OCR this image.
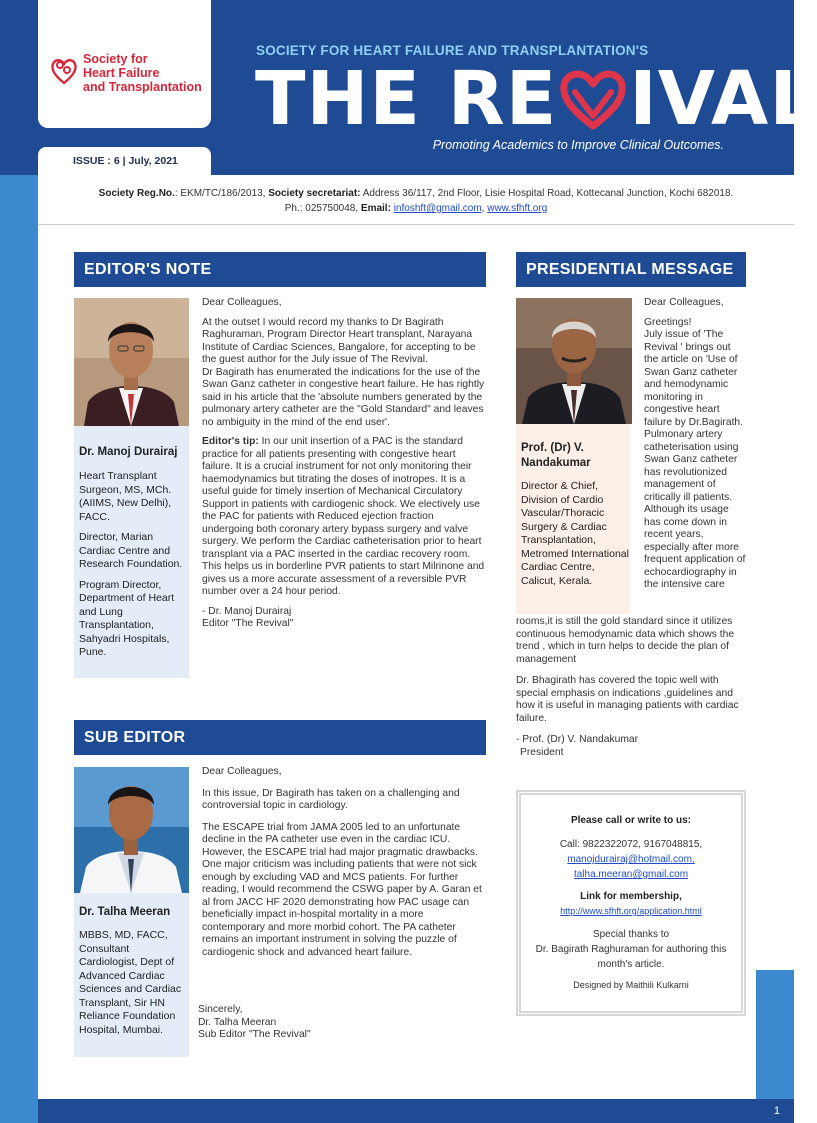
Society for
Heart Failure
and Transplantation
ISSUE : 6 | July, 2021
SOCIETY FOR HEART FAILURE AND TRANSPLANTATION'S
THE RE IVAL
Promoting Academics to Improve Clinical Outcomes.
Society Reg.No.: EKM/TC/186/2013, Society secretariat: Address 36/117, 2nd Floor, Lisie Hospital Road, Kottecanal Junction, Kochi 682018.
Ph.: 025750048, Email: infoshft@gmail.com, www.sfhft.org
EDITOR'S NOTE
Dr. Manoj Durairaj

Heart Transplant Surgeon, MS, MCh. (AIIMS, New Delhi), FACC.

Director, Marian Cardiac Centre and Research Foundation.

Program Director, Department of Heart and Lung Transplantation, Sahyadri Hospitals, Pune.

Dear Colleagues,

At the outset I would record my thanks to Dr Bagirath Raghuraman, Program Director Heart transplant, Narayana Institute of Cardiac Sciences, Bangalore, for accepting to be the guest author for the July issue of The Revival.

Dr Bagirath has enumerated the indications for the use of the Swan Ganz catheter in congestive heart failure. He has rightly said in his article that the 'absolute numbers generated by the pulmonary artery catheter are the "Gold Standard" and leaves no ambiguity in the mind of the end user'.

Editor's tip: In our unit insertion of a PAC is the standard practice for all patients presenting with congestive heart failure. It is a crucial instrument for not only monitoring their haemodynamics but titrating the doses of inotropes. It is a useful guide for timely insertion of Mechanical Circulatory Support in patients with cardiogenic shock. We electively use the PAC for patients with Reduced ejection fraction undergoing both coronary artery bypass surgery and valve surgery. We perform the Cardiac catheterisation prior to heart transplant via a PAC inserted in the cardiac recovery room. This helps us in borderline PVR patients to start Milrinone and gives us a more accurate assessment of a reversible PVR number over a 24 hour period.

- Dr. Manoj Durairaj

Editor "The Revival"

PRESIDENTIAL MESSAGE
Prof. (Dr) V. Nandakumar
Director & Chief, Division of Cardio Vascular/Thoracic Surgery & Cardiac Transplantation, Metromed International Cardiac Centre, Calicut, Kerala.

Dear Colleagues,

Greetings!

July issue of 'The Revival ' brings out the article on 'Use of Swan Ganz catheter and hemodynamic monitoring in congestive heart failure by Dr.Bagirath. Pulmonary artery catheterisation using Swan Ganz catheter has revolutionized management of critically ill patients. Although its usage has come down in recent years, especially after more frequent application of echocardiography in the intensive care

rooms,it is still the gold standard since it utilizes continuous hemodynamic data which shows the trend , which in turn helps to decide the plan of management

Dr. Bhagirath has covered the topic well with special emphasis on indications ,guidelines and how it is useful in managing patients with cardiac failure.

- Prof. (Dr) V. Nandakumar

President

SUB EDITOR
Dr. Talha Meeran
MBBS, MD, FACC, Consultant Cardiologist, Dept of Advanced Cardiac Sciences and Cardiac Transplant, Sir HN Reliance Foundation Hospital, Mumbai.

Dear Colleagues,

In this issue, Dr Bagirath has taken on a challenging and controversial topic in cardiology.

The ESCAPE trial from JAMA 2005 led to an unfortunate decline in the PA catheter use even in the cardiac ICU. However, the ESCAPE trial had major pragmatic drawbacks. One major criticism was including patients that were not sick enough by excluding VAD and MCS patients. For further reading, I would recommend the CSWG paper by A. Garan et al from JACC HF 2020 demonstrating how PAC usage can beneficially impact in-hospital mortality in a more contemporary and more morbid cohort. The PA catheter remains an important instrument in solving the puzzle of cardiogenic shock and advanced heart failure.

Sincerely,

Dr. Talha Meeran

Sub Editor "The Revival"

Please call or write to us:
Call: 9822322072, 9167048815,
manojdurairaj@hotmail.com,
talha.meeran@gmail.com
Link for membership,
http://www.sfhft.org/application.html
Special thanks to
Dr. Bagirath Raghuraman for authoring this month's article.
Designed by Maithili Kulkarni
1
